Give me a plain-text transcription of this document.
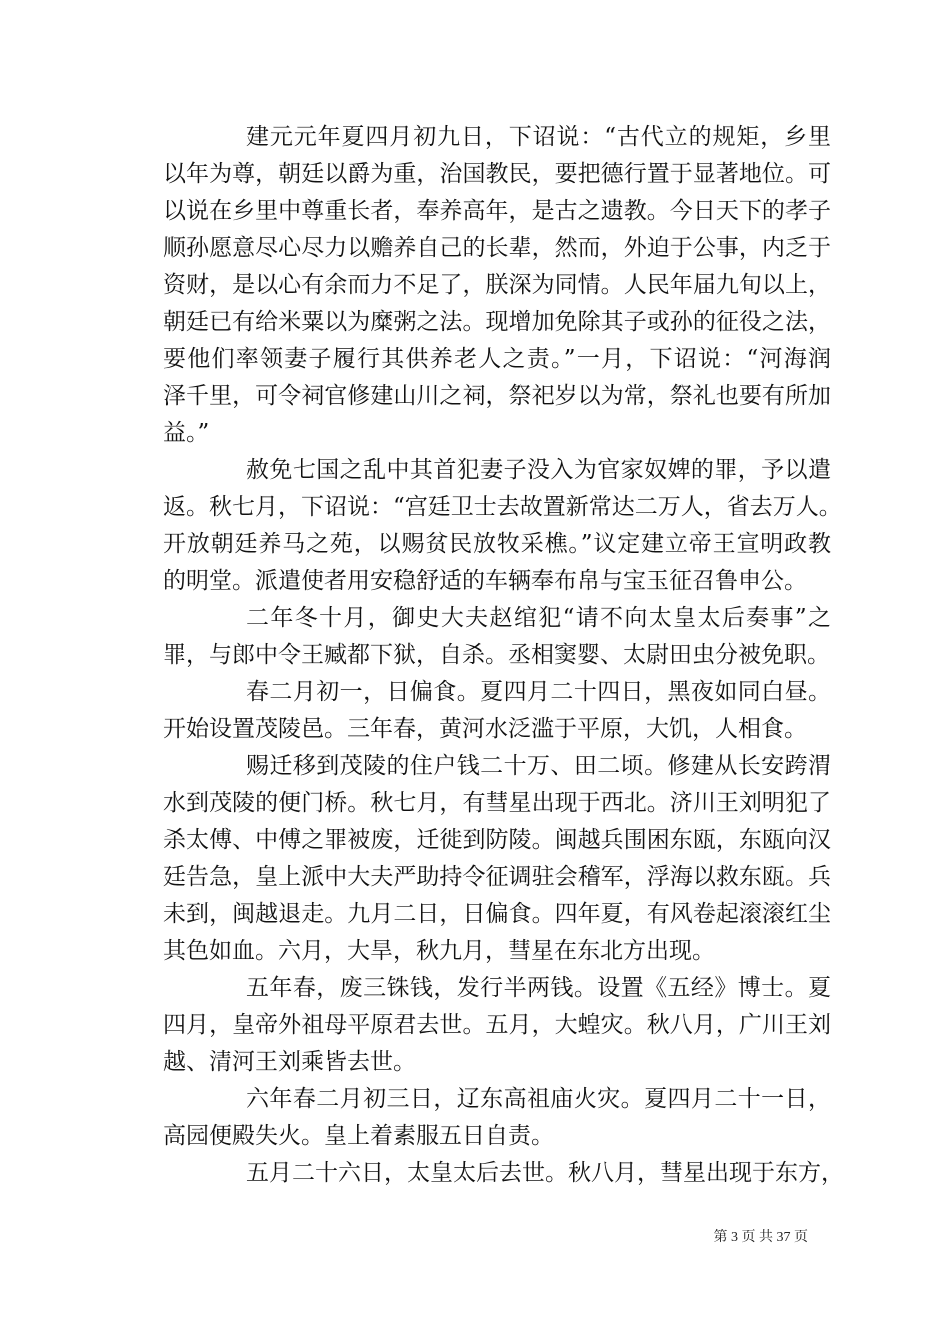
建元元年夏四月初九日，下诏说：“古代立的规矩，乡里
以年为尊，朝廷以爵为重，治国教民，要把德行置于显著地位。可
以说在乡里中尊重长者，奉养高年，是古之遗教。今日天下的孝子
顺孙愿意尽心尽力以赡养自己的长辈，然而，外迫于公事，内乏于
资财，是以心有余而力不足了，朕深为同情。人民年届九旬以上，
朝廷已有给米粟以为糜粥之法。现增加免除其子或孙的征役之法，
要他们率领妻子履行其供养老人之责。”一月，下诏说：“河海润
泽千里，可令祠官修建山川之祠，祭祀岁以为常，祭礼也要有所加
益。”
赦免七国之乱中其首犯妻子没入为官家奴婢的罪，予以遣
返。秋七月，下诏说：“宫廷卫士去故置新常达二万人，省去万人。
开放朝廷养马之苑，以赐贫民放牧采樵。”议定建立帝王宣明政教
的明堂。派遣使者用安稳舒适的车辆奉布帛与宝玉征召鲁申公。
二年冬十月，御史大夫赵绾犯“请不向太皇太后奏事”之
罪，与郎中令王臧都下狱，自杀。丞相窦婴、太尉田虫分被免职。
春二月初一，日偏食。夏四月二十四日，黑夜如同白昼。
开始设置茂陵邑。三年春，黄河水泛滥于平原，大饥，人相食。
赐迁移到茂陵的住户钱二十万、田二顷。修建从长安跨渭
水到茂陵的便门桥。秋七月，有彗星出现于西北。济川王刘明犯了
杀太傅、中傅之罪被废，迁徙到防陵。闽越兵围困东瓯，东瓯向汉
廷告急，皇上派中大夫严助持令征调驻会稽军，浮海以救东瓯。兵
未到，闽越退走。九月二日，日偏食。四年夏，有风卷起滚滚红尘
其色如血。六月，大旱，秋九月，彗星在东北方出现。
五年春，废三铢钱，发行半两钱。设置《五经》博士。夏
四月，皇帝外祖母平原君去世。五月，大蝗灾。秋八月，广川王刘
越、清河王刘乘皆去世。
六年春二月初三日，辽东高祖庙火灾。夏四月二十一日，
高园便殿失火。皇上着素服五日自责。
五月二十六日，太皇太后去世。秋八月，彗星出现于东方，
第 3 页 共 37 页
